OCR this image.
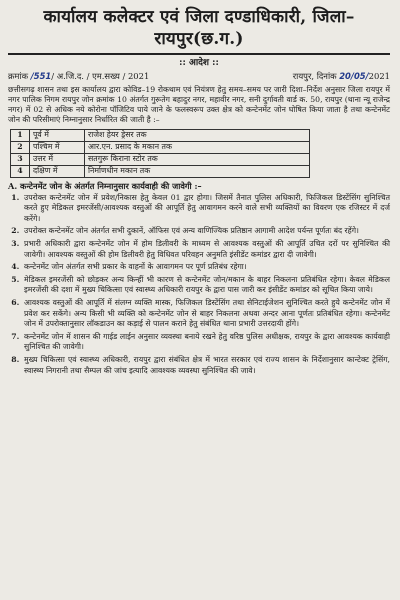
कार्यालय कलेक्टर एवं जिला दण्डाधिकारी, जिला–रायपुर(छ.ग.)
:: आदेश ::
क्रमांक /551/ अ.जि.द. / एम.सख्य / 2021	रायपुर, दिनांक 20/05/2021

छत्तीसगढ़ शासन तथा इस कार्यालय द्वारा कोविड–19 रोकथाम एवं नियंत्रण हेतु समय–समय पर जारी दिशा–निर्देश अनुसार जिला रायपुर में नगर पालिक निगम रायपुर जोन क्रमांक 10 अंतर्गत गुरूतेग बहादुर नगर, महावीर नगर, सनी दुर्गावती वार्ड क. 50, रायपुर (थाना न्यू राजेन्द्र नगर) में 02 से अधिक नये कोरोना पॉजिटिव पाये जाने के फलस्वरूप उक्त क्षेत्र को कन्टेनमेंट जोन घोषित किया जाता है तथा कन्टेनमेंट जोन की परिसीमाएं निम्नानुसार निर्धारित की जाती है :–

1	पूर्व में	राजेश हेयर ड्रेसर तक
2	पश्चिम में	आर.एन. प्रसाद के मकान तक
3	उत्तर में	सतगुरू किराना स्टोर तक
4	दक्षिण में	निर्माणधीन मकान तक
A. कन्टेनमेंट जोन के अंतर्गत निम्नानुसार कार्यवाही की जावेगी :–
1. उपरोक्त कन्टेनमेंट जोन में प्रवेश/निकास हेतु केवल 01 द्वार होगा। जिसमें तैनात पुलिस अधिकारी, फिजिकल डिस्टेंसिंग सुनिश्चित करते हुए मेडिकल इमरजेंसी/आवश्यक वस्तुओं की आपूर्ति हेतु आवागमन करने वाले सभी व्यक्तियों का विवरण एक रजिस्टर में दर्ज करेंगे।
2. उपरोक्त कन्टेनमेंट जोन अंतर्गत सभी दुकानें, ऑफिस एवं अन्य वाणिज्यिक प्रतिष्ठान आगामी आदेश पर्यन्त पूर्णतः बंद रहेंगे।
3. प्रभारी अधिकारी द्वारा कन्टेनमेंट जोन में होम डिलीवरी के माध्यम से आवश्यक वस्तुओं की आपूर्ति उचित दरों पर सुनिश्चित की जावेगी। आवश्यक वस्तुओं की होम डिलीवरी हेतु विधिवत परिवहन अनुमति इंसीडेंट कमांडर द्वारा दी जावेगी।
4. कन्टेनमेंट जोन अंतर्गत सभी प्रकार के वाहनों के आवागमन पर पूर्ण प्रतिबंध रहेगा।
5. मेडिकल इमरजेंसी को छोड़कर अन्य किन्हीं भी कारण से कन्टेनमेंट जोन/मकान के बाहर निकलना प्रतिबंधित रहेगा। केवल मेडिकल इमरजेंसी की दशा में मुख्य चिकित्सा एवं स्वास्थ्य अधिकारी रायपुर के द्वारा पास जारी कर इंसीडेंट कमांडर को सूचित किया जाये।
6. आवश्यक वस्तुओं की आपूर्ति में संलग्न व्यक्ति मास्क, फिजिकल डिस्टेंसिंग तथा सेनिटाईजेशन सुनिश्चित करते हुये कन्टेनमेंट जोन में प्रवेश कर सकेंगे। अन्य किसी भी व्यक्ति को कन्टेनमेंट जोन से बाहर निकलना अथवा अन्दर आना पूर्णतः प्रतिबंधित रहेगा। कन्टेनमेंट जोन में उपरोक्तानुसार लॉकडाउन का कड़ाई से पालन कराने हेतु संबंधित थाना प्रभारी उत्तरदायी होंगे।
7. कन्टेनमेंट जोन में शासन की गाईड लाईन अनुसार व्यवस्था बनाये रखने हेतु वरिष्ठ पुलिस अधीक्षक, रायपुर के द्वारा आवश्यक कार्यवाही सुनिश्चित की जावेगी।
8. मुख्य चिकित्सा एवं स्वास्थ्य अधिकारी, रायपुर द्वारा संबंधित क्षेत्र में भारत सरकार एवं राज्य शासन के निर्देशानुसार कान्टेक्ट ट्रेसिंग, स्वास्थ्य निगरानी तथा सैम्पल की जांच इत्यादि आवश्यक व्यवस्था सुनिश्चित की जावे।
